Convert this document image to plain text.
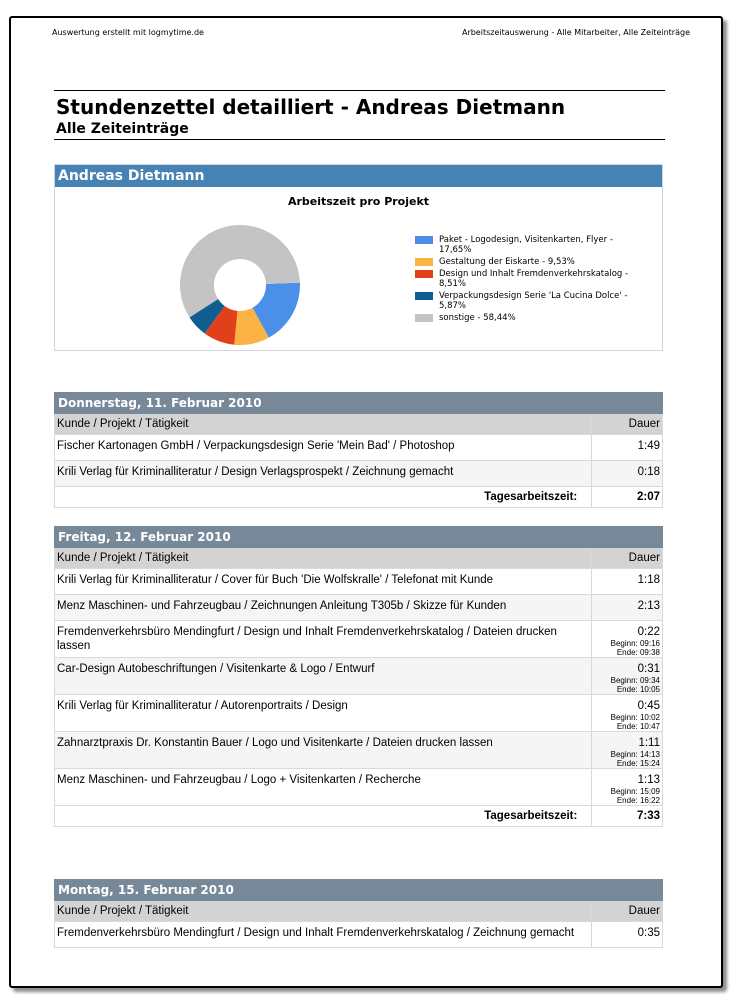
Auswertung erstellt mit logmytime.de	Arbeitszeitauswerung - Alle Mitarbeiter, Alle Zeiteinträge
Stundenzettel detailliert - Andreas Dietmann
Alle Zeiteinträge
Andreas Dietmann
Arbeitszeit pro Projekt
Paket - Logodesign, Visitenkarten, Flyer - 17,65%
Gestaltung der Eiskarte - 9,53%
Design und Inhalt Fremdenverkehrskatalog - 8,51%
Verpackungsdesign Serie 'La Cucina Dolce' - 5,87%
sonstige - 58,44%
Donnerstag, 11. Februar 2010	
Kunde / Projekt / Tätigkeit	Dauer
Fischer Kartonagen GmbH / Verpackungsdesign Serie 'Mein Bad' / Photoshop	1:49
Krili Verlag für Kriminalliteratur / Design Verlagsprospekt / Zeichnung gemacht	0:18
Tagesarbeitszeit:	2:07
Freitag, 12. Februar 2010	
Kunde / Projekt / Tätigkeit	Dauer
Krili Verlag für Kriminalliteratur / Cover für Buch 'Die Wolfskralle' / Telefonat mit Kunde	1:18
Menz Maschinen- und Fahrzeugbau / Zeichnungen Anleitung T305b / Skizze für Kunden	2:13
Fremdenverkehrsbüro Mendingfurt / Design und Inhalt Fremdenverkehrskatalog / Dateien drucken lassen	0:22
Beginn: 09:16
Ende: 09:38

Car-Design Autobeschriftungen / Visitenkarte & Logo / Entwurf	0:31
Beginn: 09:34
Ende: 10:05

Krili Verlag für Kriminalliteratur / Autorenportraits / Design	0:45
Beginn: 10:02
Ende: 10:47

Zahnarztpraxis Dr. Konstantin Bauer / Logo und Visitenkarte / Dateien drucken lassen	1:11
Beginn: 14:13
Ende: 15:24

Menz Maschinen- und Fahrzeugbau / Logo + Visitenkarten / Recherche	1:13
Beginn: 15:09
Ende: 16:22

Tagesarbeitszeit:	7:33
Montag, 15. Februar 2010	
Kunde / Projekt / Tätigkeit	Dauer
Fremdenverkehrsbüro Mendingfurt / Design und Inhalt Fremdenverkehrskatalog / Zeichnung gemacht	0:35
